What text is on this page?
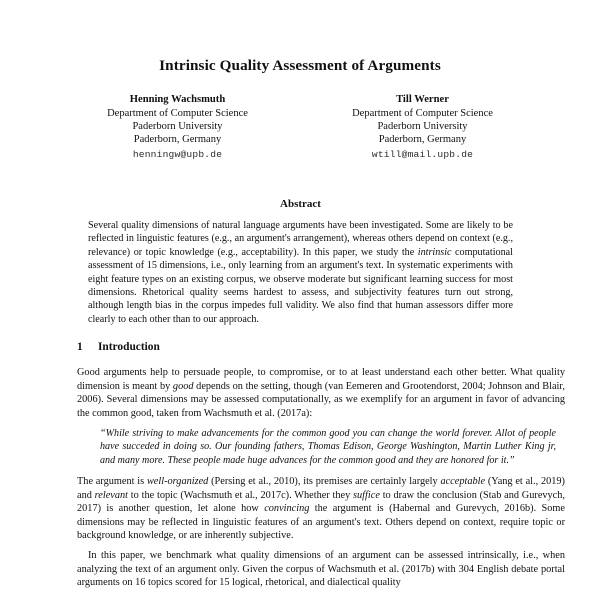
Intrinsic Quality Assessment of Arguments
Henning Wachsmuth
Department of Computer Science
Paderborn University
Paderborn, Germany
henningw@upb.de
Till Werner
Department of Computer Science
Paderborn University
Paderborn, Germany
wtill@mail.upb.de
Abstract
Several quality dimensions of natural language arguments have been investigated. Some are likely to be reflected in linguistic features (e.g., an argument's arrangement), whereas others depend on context (e.g., relevance) or topic knowledge (e.g., acceptability). In this paper, we study the intrinsic computational assessment of 15 dimensions, i.e., only learning from an argument's text. In systematic experiments with eight feature types on an existing corpus, we observe moderate but significant learning success for most dimensions. Rhetorical quality seems hardest to assess, and subjectivity features turn out strong, although length bias in the corpus impedes full validity. We also find that human assessors differ more clearly to each other than to our approach.
1 Introduction

Good arguments help to persuade people, to compromise, or to at least understand each other better. What quality dimension is meant by good depends on the setting, though (van Eemeren and Grootendorst, 2004; Johnson and Blair, 2006). Several dimensions may be assessed computationally, as we exemplify for an argument in favor of advancing the common good, taken from Wachsmuth et al. (2017a):

“While striving to make advancements for the common good you can change the world forever. Allot of people have succeded in doing so. Our founding fathers, Thomas Edison, George Washington, Martin Luther King jr, and many more. These people made huge advances for the common good and they are honored for it.”

The argument is well-organized (Persing et al., 2010), its premises are certainly largely acceptable (Yang et al., 2019) and relevant to the topic (Wachsmuth et al., 2017c). Whether they suffice to draw the conclusion (Stab and Gurevych, 2017) is another question, let alone how convincing the argument is (Habernal and Gurevych, 2016b). Some dimensions may be reflected in linguistic features of an argument's text. Others depend on context, require topic or background knowledge, or are inherently subjective.

In this paper, we benchmark what quality dimensions of an argument can be assessed intrinsically, i.e., when analyzing the text of an argument only. Given the corpus of Wachsmuth et al. (2017b) with 304 English debate portal arguments on 16 topics scored for 15 logical, rhetorical, and dialectical quality
